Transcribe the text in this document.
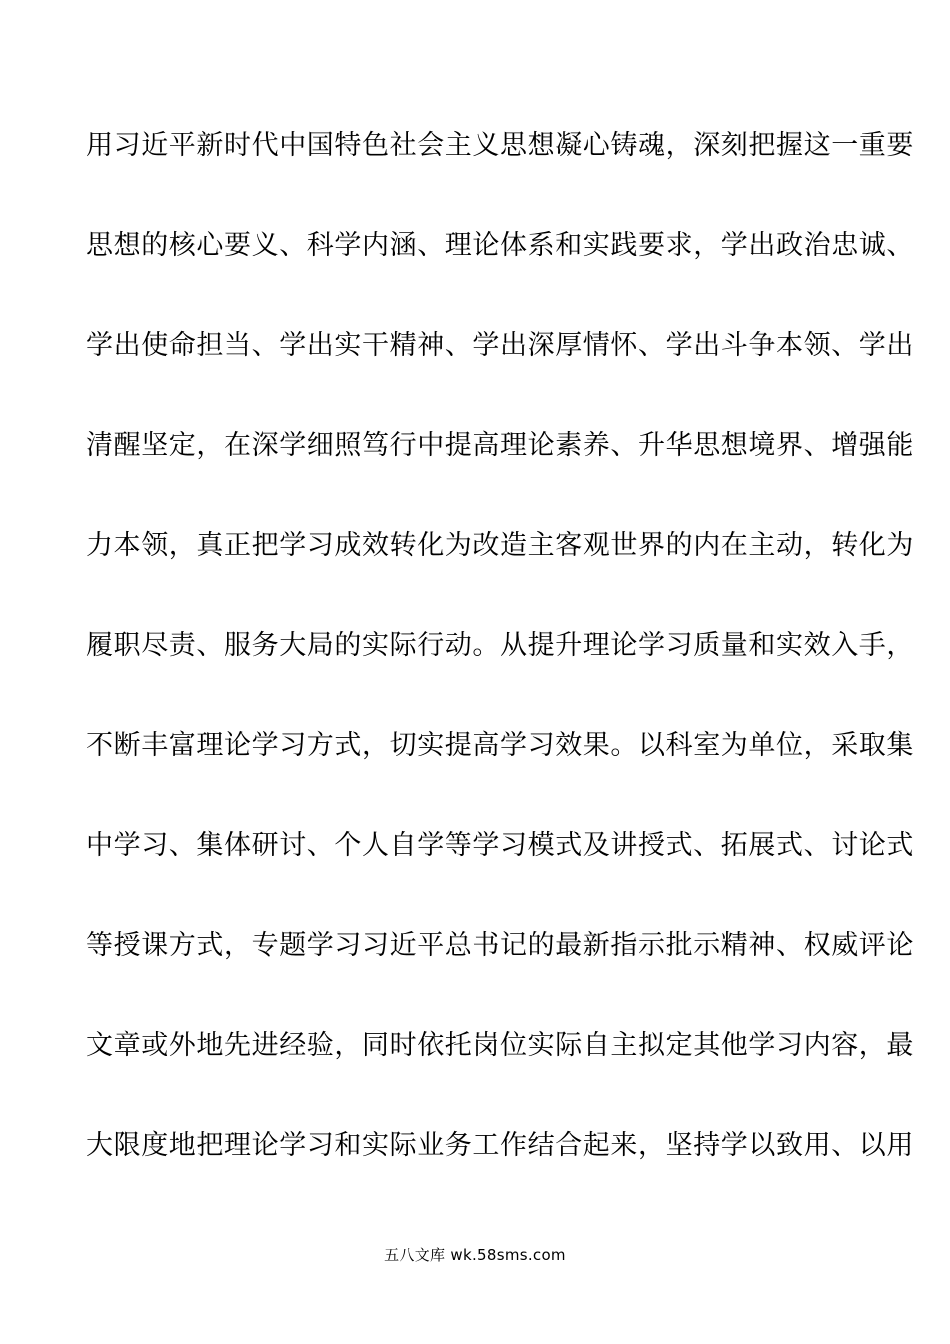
用习近平新时代中国特色社会主义思想凝心铸魂，深刻把握这一重要
思想的核心要义、科学内涵、理论体系和实践要求，学出政治忠诚、
学出使命担当、学出实干精神、学出深厚情怀、学出斗争本领、学出
清醒坚定，在深学细照笃行中提高理论素养、升华思想境界、增强能
力本领，真正把学习成效转化为改造主客观世界的内在主动，转化为
履职尽责、服务大局的实际行动。从提升理论学习质量和实效入手，
不断丰富理论学习方式，切实提高学习效果。以科室为单位，采取集
中学习、集体研讨、个人自学等学习模式及讲授式、拓展式、讨论式
等授课方式，专题学习习近平总书记的最新指示批示精神、权威评论
文章或外地先进经验，同时依托岗位实际自主拟定其他学习内容，最
大限度地把理论学习和实际业务工作结合起来，坚持学以致用、以用
五八文库 wk.58sms.com
